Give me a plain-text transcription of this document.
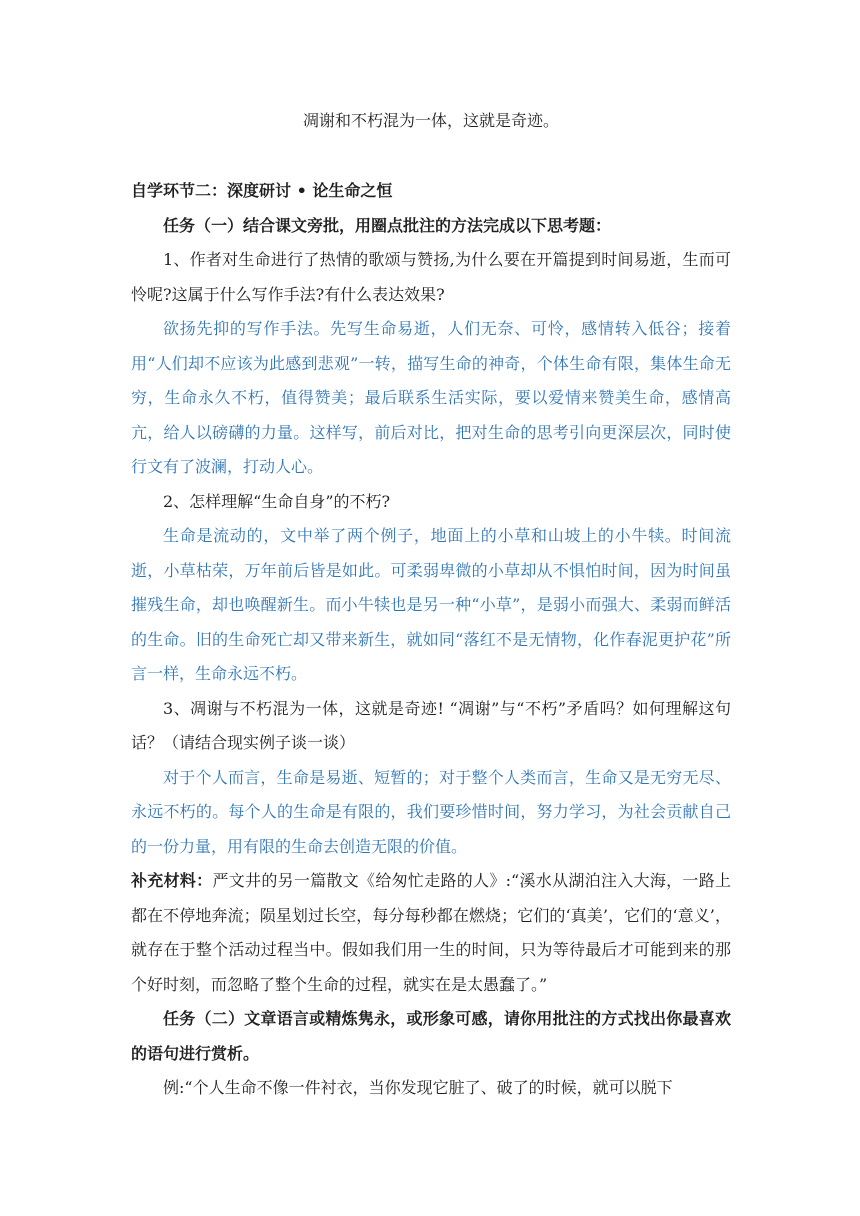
凋谢和不朽混为一体，这就是奇迹。

自学环节二：深度研讨 • 论生命之恒

任务（一）结合课文旁批，用圈点批注的方法完成以下思考题：

1、作者对生命进行了热情的歌颂与赞扬,为什么要在开篇提到时间易逝，生而可怜呢?这属于什么写作手法?有什么表达效果?

欲扬先抑的写作手法。先写生命易逝，人们无奈、可怜，感情转入低谷；接着用“人们却不应该为此感到悲观”一转，描写生命的神奇，个体生命有限，集体生命无穷，生命永久不朽，值得赞美；最后联系生活实际，要以爱情来赞美生命，感情高亢，给人以磅礴的力量。这样写，前后对比，把对生命的思考引向更深层次，同时使行文有了波澜，打动人心。

2、怎样理解“生命自身”的不朽?

生命是流动的，文中举了两个例子，地面上的小草和山坡上的小牛犊。时间流逝，小草枯荣，万年前后皆是如此。可柔弱卑微的小草却从不惧怕时间，因为时间虽摧残生命，却也唤醒新生。而小牛犊也是另一种“小草”，是弱小而强大、柔弱而鲜活的生命。旧的生命死亡却又带来新生，就如同“落红不是无情物，化作春泥更护花”所言一样，生命永远不朽。

3、凋谢与不朽混为一体，这就是奇迹! “凋谢”与“不朽”矛盾吗？如何理解这句话？（请结合现实例子谈一谈）

对于个人而言，生命是易逝、短暂的；对于整个人类而言，生命又是无穷无尽、永远不朽的。每个人的生命是有限的，我们要珍惜时间，努力学习，为社会贡献自己的一份力量，用有限的生命去创造无限的价值。

补充材料：严文井的另一篇散文《给匆忙走路的人》:“溪水从湖泊注入大海，一路上都在不停地奔流；陨星划过长空，每分每秒都在燃烧；它们的‘真美’，它们的‘意义’，就存在于整个活动过程当中。假如我们用一生的时间，只为等待最后才可能到来的那个好时刻，而忽略了整个生命的过程，就实在是太愚蠢了。”

任务（二）文章语言或精炼隽永，或形象可感，请你用批注的方式找出你最喜欢的语句进行赏析。

例:“个人生命不像一件衬衣，当你发现它脏了、破了的时候，就可以脱下
